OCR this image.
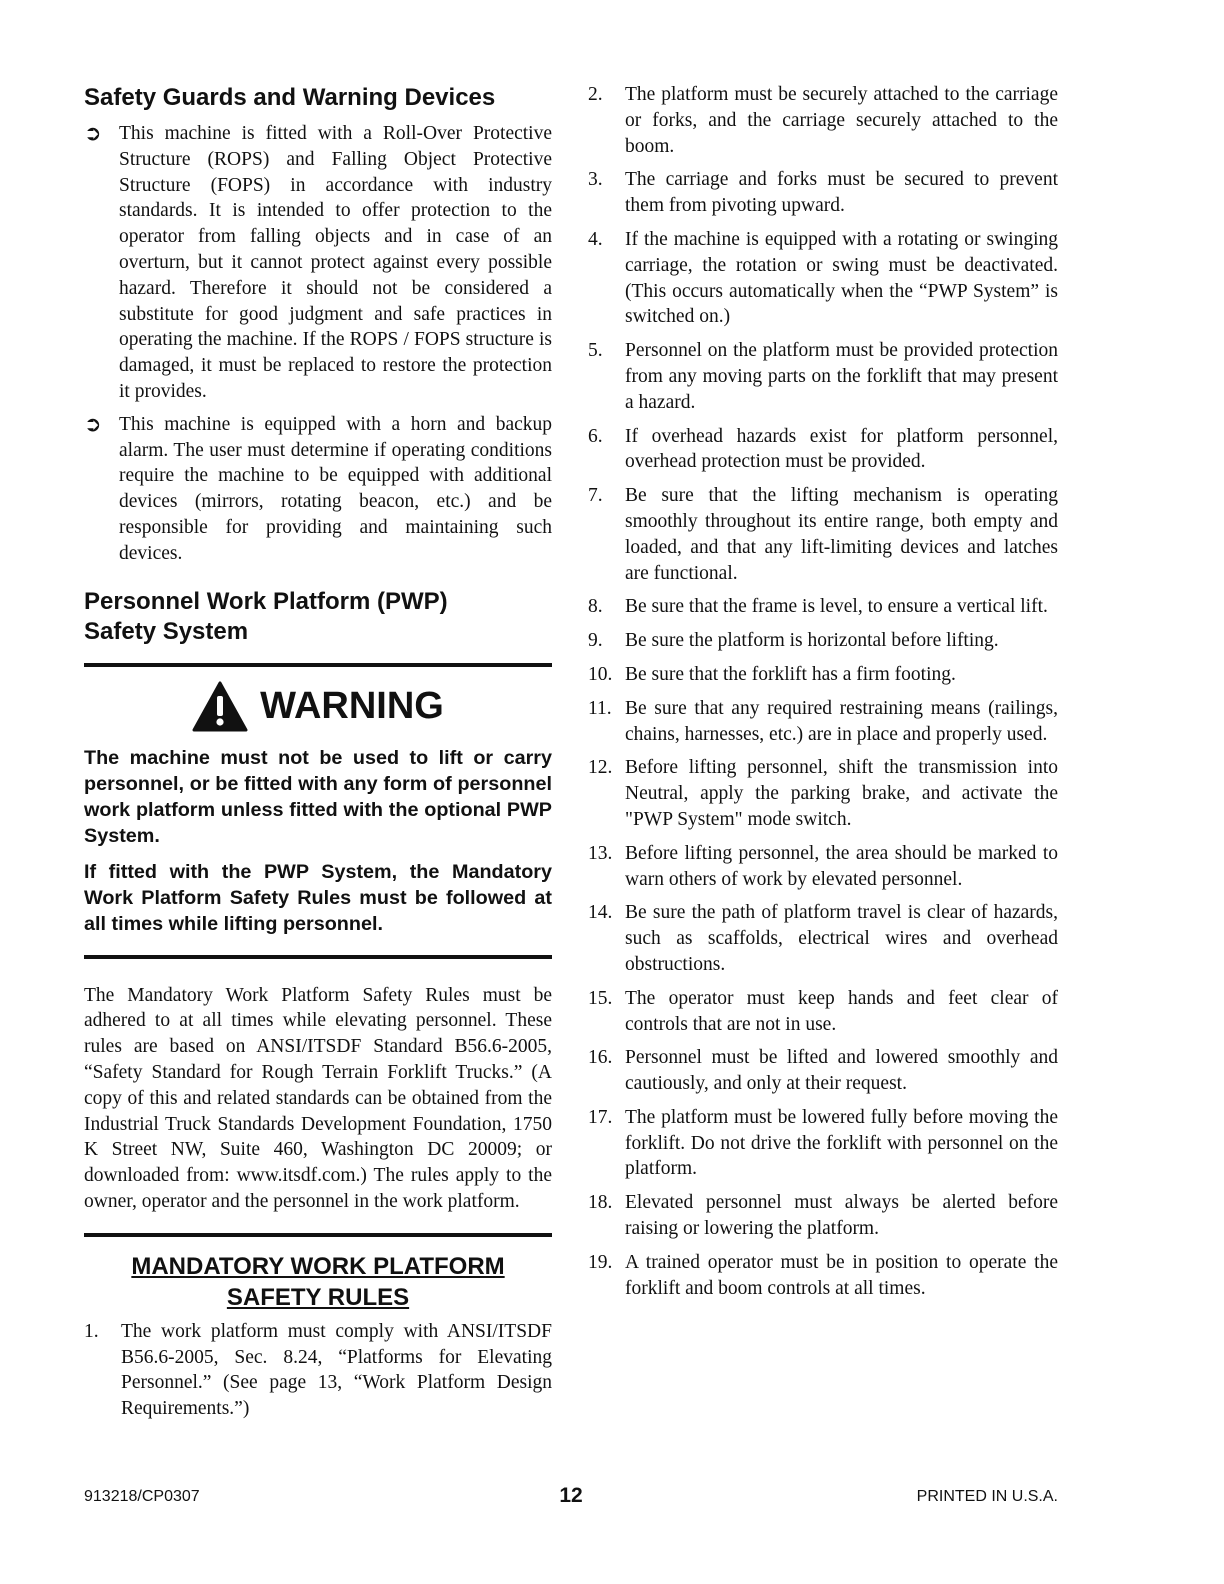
Safety Guards and Warning Devices
➲ This machine is fitted with a Roll-Over Protective Structure (ROPS) and Falling Object Protective Structure (FOPS) in accordance with industry standards. It is intended to offer protection to the operator from falling objects and in case of an overturn, but it cannot protect against every possible hazard. Therefore it should not be considered a substitute for good judgment and safe practices in operating the machine. If the ROPS / FOPS structure is damaged, it must be replaced to restore the protection it provides.
➲ This machine is equipped with a horn and backup alarm. The user must determine if operating conditions require the machine to be equipped with additional devices (mirrors, rotating beacon, etc.) and be responsible for providing and maintaining such devices.
Personnel Work Platform (PWP)
Safety System
WARNING

The machine must not be used to lift or carry personnel, or be fitted with any form of personnel work platform unless fitted with the optional PWP System.

If fitted with the PWP System, the Mandatory Work Platform Safety Rules must be followed at all times while lifting personnel.

The Mandatory Work Platform Safety Rules must be adhered to at all times while elevating personnel. These rules are based on ANSI/ITSDF Standard B56.6-2005, “Safety Standard for Rough Terrain Forklift Trucks.” (A copy of this and related standards can be obtained from the Industrial Truck Standards Development Foundation, 1750 K Street NW, Suite 460, Washington DC 20009; or downloaded from: www.itsdf.com.) The rules apply to the owner, operator and the personnel in the work platform.

MANDATORY WORK PLATFORM
SAFETY RULES

1. The work platform must comply with ANSI/ITSDF B56.6-2005, Sec. 8.24, “Platforms for Elevating Personnel.” (See page 13, “Work Platform Design Requirements.”)
2. The platform must be securely attached to the carriage or forks, and the carriage securely attached to the boom.
3. The carriage and forks must be secured to prevent them from pivoting upward.
4. If the machine is equipped with a rotating or swinging carriage, the rotation or swing must be deactivated. (This occurs automatically when the “PWP System” is switched on.)
5. Personnel on the platform must be provided protection from any moving parts on the forklift that may present a hazard.
6. If overhead hazards exist for platform personnel, overhead protection must be provided.
7. Be sure that the lifting mechanism is operating smoothly throughout its entire range, both empty and loaded, and that any lift-limiting devices and latches are functional.
8. Be sure that the frame is level, to ensure a vertical lift.
9. Be sure the platform is horizontal before lifting.
10. Be sure that the forklift has a firm footing.
11. Be sure that any required restraining means (railings, chains, harnesses, etc.) are in place and properly used.
12. Before lifting personnel, shift the transmission into Neutral, apply the parking brake, and activate the "PWP System" mode switch.
13. Before lifting personnel, the area should be marked to warn others of work by elevated personnel.
14. Be sure the path of platform travel is clear of hazards, such as scaffolds, electrical wires and overhead obstructions.
15. The operator must keep hands and feet clear of controls that are not in use.
16. Personnel must be lifted and lowered smoothly and cautiously, and only at their request.
17. The platform must be lowered fully before moving the forklift. Do not drive the forklift with personnel on the platform.
18. Elevated personnel must always be alerted before raising or lowering the platform.
19. A trained operator must be in position to operate the forklift and boom controls at all times.
913218/CP0307	12	PRINTED IN U.S.A.
